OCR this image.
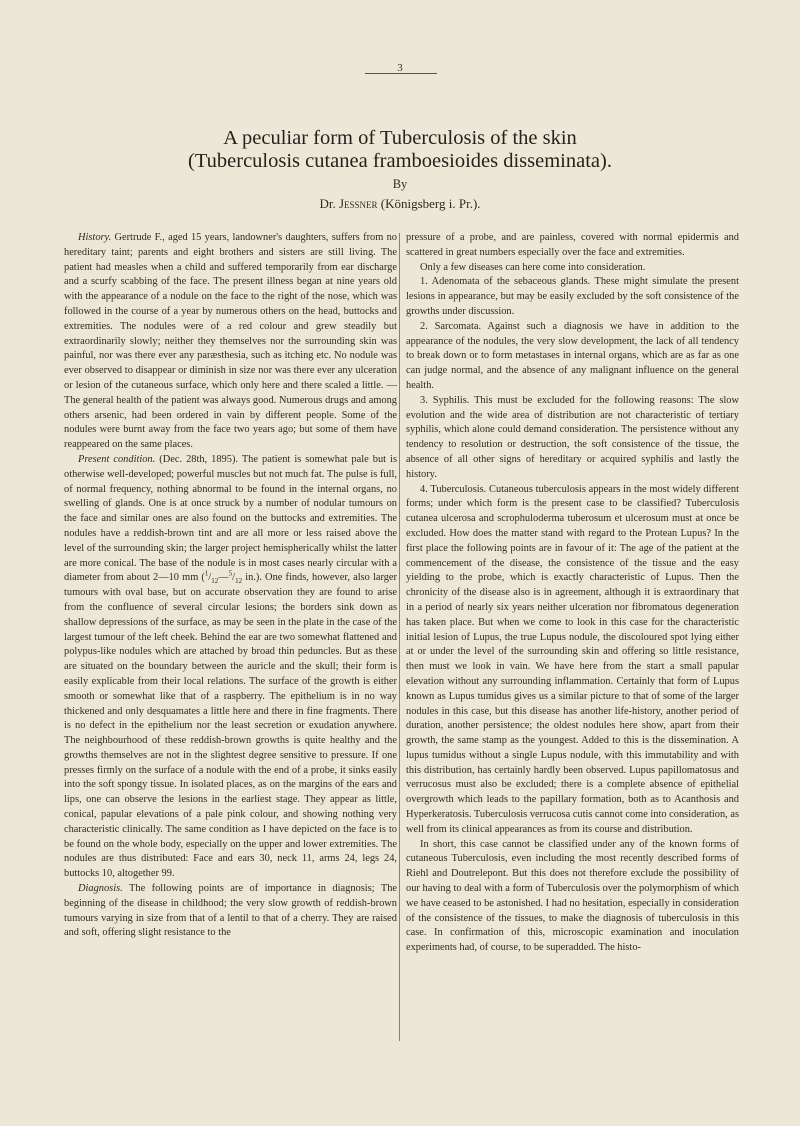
3
A peculiar form of Tuberculosis of the skin
(Tuberculosis cutanea framboesioides disseminata).
By
Dr. Jessner (Königsberg i. Pr.).

History. Gertrude F., aged 15 years, landowner's daughters, suffers from no hereditary taint; parents and eight brothers and sisters are still living. The patient had measles when a child and suffered temporarily from ear discharge and a scurfy scabbing of the face. The present illness began at nine years old with the appearance of a nodule on the face to the right of the nose, which was followed in the course of a year by numerous others on the head, buttocks and extremities. The nodules were of a red colour and grew steadily but extraordinarily slowly; neither they themselves nor the surrounding skin was painful, nor was there ever any paræsthesia, such as itching etc. No nodule was ever observed to disappear or diminish in size nor was there ever any ulceration or lesion of the cutaneous surface, which only here and there scaled a little. — The general health of the patient was always good. Numerous drugs and among others arsenic, had been ordered in vain by different people. Some of the nodules were burnt away from the face two years ago; but some of them have reappeared on the same places.

Present condition. (Dec. 28th, 1895). The patient is somewhat pale but is otherwise well-developed; powerful muscles but not much fat. The pulse is full, of normal frequency, nothing abnormal to be found in the internal organs, no swelling of glands. One is at once struck by a number of nodular tumours on the face and similar ones are also found on the buttocks and extremities. The nodules have a reddish-brown tint and are all more or less raised above the level of the surrounding skin; the larger project hemispherically whilst the latter are more conical. The base of the nodule is in most cases nearly circular with a diameter from about 2—10 mm ($^1/_{12}—^5/_{12}$ in.). One finds, however, also larger tumours with oval base, but on accurate observation they are found to arise from the confluence of several circular lesions; the borders sink down as shallow depressions of the surface, as may be seen in the plate in the case of the largest tumour of the left cheek. Behind the ear are two somewhat flattened and polypus-like nodules which are attached by broad thin peduncles. But as these are situated on the boundary between the auricle and the skull; their form is easily explicable from their local relations. The surface of the growth is either smooth or somewhat like that of a raspberry. The epithelium is in no way thickened and only desquamates a little here and there in fine fragments. There is no defect in the epithelium nor the least secretion or exudation anywhere. The neighbourhood of these reddish-brown growths is quite healthy and the growths themselves are not in the slightest degree sensitive to pressure. If one presses firmly on the surface of a nodule with the end of a probe, it sinks easily into the soft spongy tissue. In isolated places, as on the margins of the ears and lips, one can observe the lesions in the earliest stage. They appear as little, conical, papular elevations of a pale pink colour, and showing nothing very characteristic clinically. The same condition as I have depicted on the face is to be found on the whole body, especially on the upper and lower extremities. The nodules are thus distributed: Face and ears 30, neck 11, arms 24, legs 24, buttocks 10, altogether 99.

Diagnosis. The following points are of importance in diagnosis; The beginning of the disease in childhood; the very slow growth of reddish-brown tumours varying in size from that of a lentil to that of a cherry. They are raised and soft, offering slight resistance to the

pressure of a probe, and are painless, covered with normal epidermis and scattered in great numbers especially over the face and extremities.

Only a few diseases can here come into consideration.

1. Adenomata of the sebaceous glands. These might simulate the present lesions in appearance, but may be easily excluded by the soft consistence of the growths under discussion.

2. Sarcomata. Against such a diagnosis we have in addition to the appearance of the nodules, the very slow development, the lack of all tendency to break down or to form metastases in internal organs, which are as far as one can judge normal, and the absence of any malignant influence on the general health.

3. Syphilis. This must be excluded for the following reasons: The slow evolution and the wide area of distribution are not characteristic of tertiary syphilis, which alone could demand consideration. The persistence without any tendency to resolution or destruction, the soft consistence of the tissue, the absence of all other signs of hereditary or acquired syphilis and lastly the history.

4. Tuberculosis. Cutaneous tuberculosis appears in the most widely different forms; under which form is the present case to be classified? Tuberculosis cutanea ulcerosa and scrophuloderma tuberosum et ulcerosum must at once be excluded. How does the matter stand with regard to the Protean Lupus? In the first place the following points are in favour of it: The age of the patient at the commencement of the disease, the consistence of the tissue and the easy yielding to the probe, which is exactly characteristic of Lupus. Then the chronicity of the disease also is in agreement, although it is extraordinary that in a period of nearly six years neither ulceration nor fibromatous degeneration has taken place. But when we come to look in this case for the characteristic initial lesion of Lupus, the true Lupus nodule, the discoloured spot lying either at or under the level of the surrounding skin and offering so little resistance, then must we look in vain. We have here from the start a small papular elevation without any surrounding inflammation. Certainly that form of Lupus known as Lupus tumidus gives us a similar picture to that of some of the larger nodules in this case, but this disease has another life-history, another period of duration, another persistence; the oldest nodules here show, apart from their growth, the same stamp as the youngest. Added to this is the dissemination. A lupus tumidus without a single Lupus nodule, with this immutability and with this distribution, has certainly hardly been observed. Lupus papillomatosus and verrucosus must also be excluded; there is a complete absence of epithelial overgrowth which leads to the papillary formation, both as to Acanthosis and Hyperkeratosis. Tuberculosis verrucosa cutis cannot come into consideration, as well from its clinical appearances as from its course and distribution.

In short, this case cannot be classified under any of the known forms of cutaneous Tuberculosis, even including the most recently described forms of Riehl and Doutrelepont. But this does not therefore exclude the possibility of our having to deal with a form of Tuberculosis over the polymorphism of which we have ceased to be astonished. I had no hesitation, especially in consideration of the consistence of the tissues, to make the diagnosis of tuberculosis in this case. In confirmation of this, microscopic examination and inoculation experiments had, of course, to be superadded. The histo-
